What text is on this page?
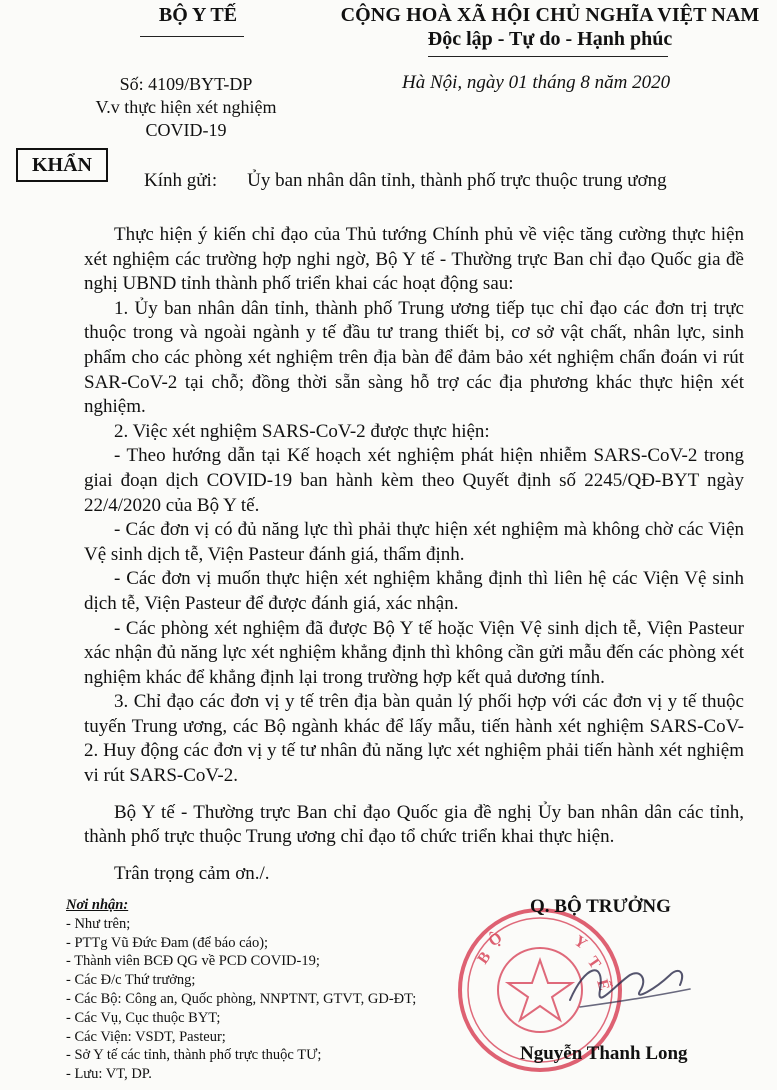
BỘ Y TẾ	CỘNG HOÀ XÃ HỘI CHỦ NGHĨA VIỆT NAM
Độc lập - Tự do - Hạnh phúc
Số: 4109/BYT-DP
V.v thực hiện xét nghiệm
COVID-19
Hà Nội, ngày 01 tháng 8 năm 2020
KHẨN
Kính gửi: Ủy ban nhân dân tỉnh, thành phố trực thuộc trung ương

Thực hiện ý kiến chỉ đạo của Thủ tướng Chính phủ về việc tăng cường thực hiện xét nghiệm các trường hợp nghi ngờ, Bộ Y tế - Thường trực Ban chỉ đạo Quốc gia đề nghị UBND tỉnh thành phố triển khai các hoạt động sau:

1. Ủy ban nhân dân tỉnh, thành phố Trung ương tiếp tục chỉ đạo các đơn trị trực thuộc trong và ngoài ngành y tế đầu tư trang thiết bị, cơ sở vật chất, nhân lực, sinh phẩm cho các phòng xét nghiệm trên địa bàn để đảm bảo xét nghiệm chẩn đoán vi rút SAR-CoV-2 tại chỗ; đồng thời sẵn sàng hỗ trợ các địa phương khác thực hiện xét nghiệm.

2. Việc xét nghiệm SARS-CoV-2 được thực hiện:

- Theo hướng dẫn tại Kế hoạch xét nghiệm phát hiện nhiễm SARS-CoV-2 trong giai đoạn dịch COVID-19 ban hành kèm theo Quyết định số 2245/QĐ-BYT ngày 22/4/2020 của Bộ Y tế.

- Các đơn vị có đủ năng lực thì phải thực hiện xét nghiệm mà không chờ các Viện Vệ sinh dịch tễ, Viện Pasteur đánh giá, thẩm định.

- Các đơn vị muốn thực hiện xét nghiệm khẳng định thì liên hệ các Viện Vệ sinh dịch tễ, Viện Pasteur để được đánh giá, xác nhận.

- Các phòng xét nghiệm đã được Bộ Y tế hoặc Viện Vệ sinh dịch tễ, Viện Pasteur xác nhận đủ năng lực xét nghiệm khẳng định thì không cần gửi mẫu đến các phòng xét nghiệm khác để khẳng định lại trong trường hợp kết quả dương tính.

3. Chỉ đạo các đơn vị y tế trên địa bàn quản lý phối hợp với các đơn vị y tế thuộc tuyến Trung ương, các Bộ ngành khác để lấy mẫu, tiến hành xét nghiệm SARS-CoV-2. Huy động các đơn vị y tế tư nhân đủ năng lực xét nghiệm phải tiến hành xét nghiệm vi rút SARS-CoV-2.

Bộ Y tế - Thường trực Ban chỉ đạo Quốc gia đề nghị Ủy ban nhân dân các tỉnh, thành phố trực thuộc Trung ương chỉ đạo tổ chức triển khai thực hiện.

Trân trọng cảm ơn./.

Nơi nhận:
- Như trên;
- PTTg Vũ Đức Đam (để báo cáo);
- Thành viên BCĐ QG về PCD COVID-19;
- Các Đ/c Thứ trưởng;
- Các Bộ: Công an, Quốc phòng, NNPTNT, GTVT, GD-ĐT;
- Các Vụ, Cục thuộc BYT;
- Các Viện: VSDT, Pasteur;
- Sở Y tế các tỉnh, thành phố trực thuộc TƯ;
- Lưu: VT, DP.
B
Ộ	Y
T
Ế
Q. BỘ TRƯỞNG
Nguyễn Thanh Long
